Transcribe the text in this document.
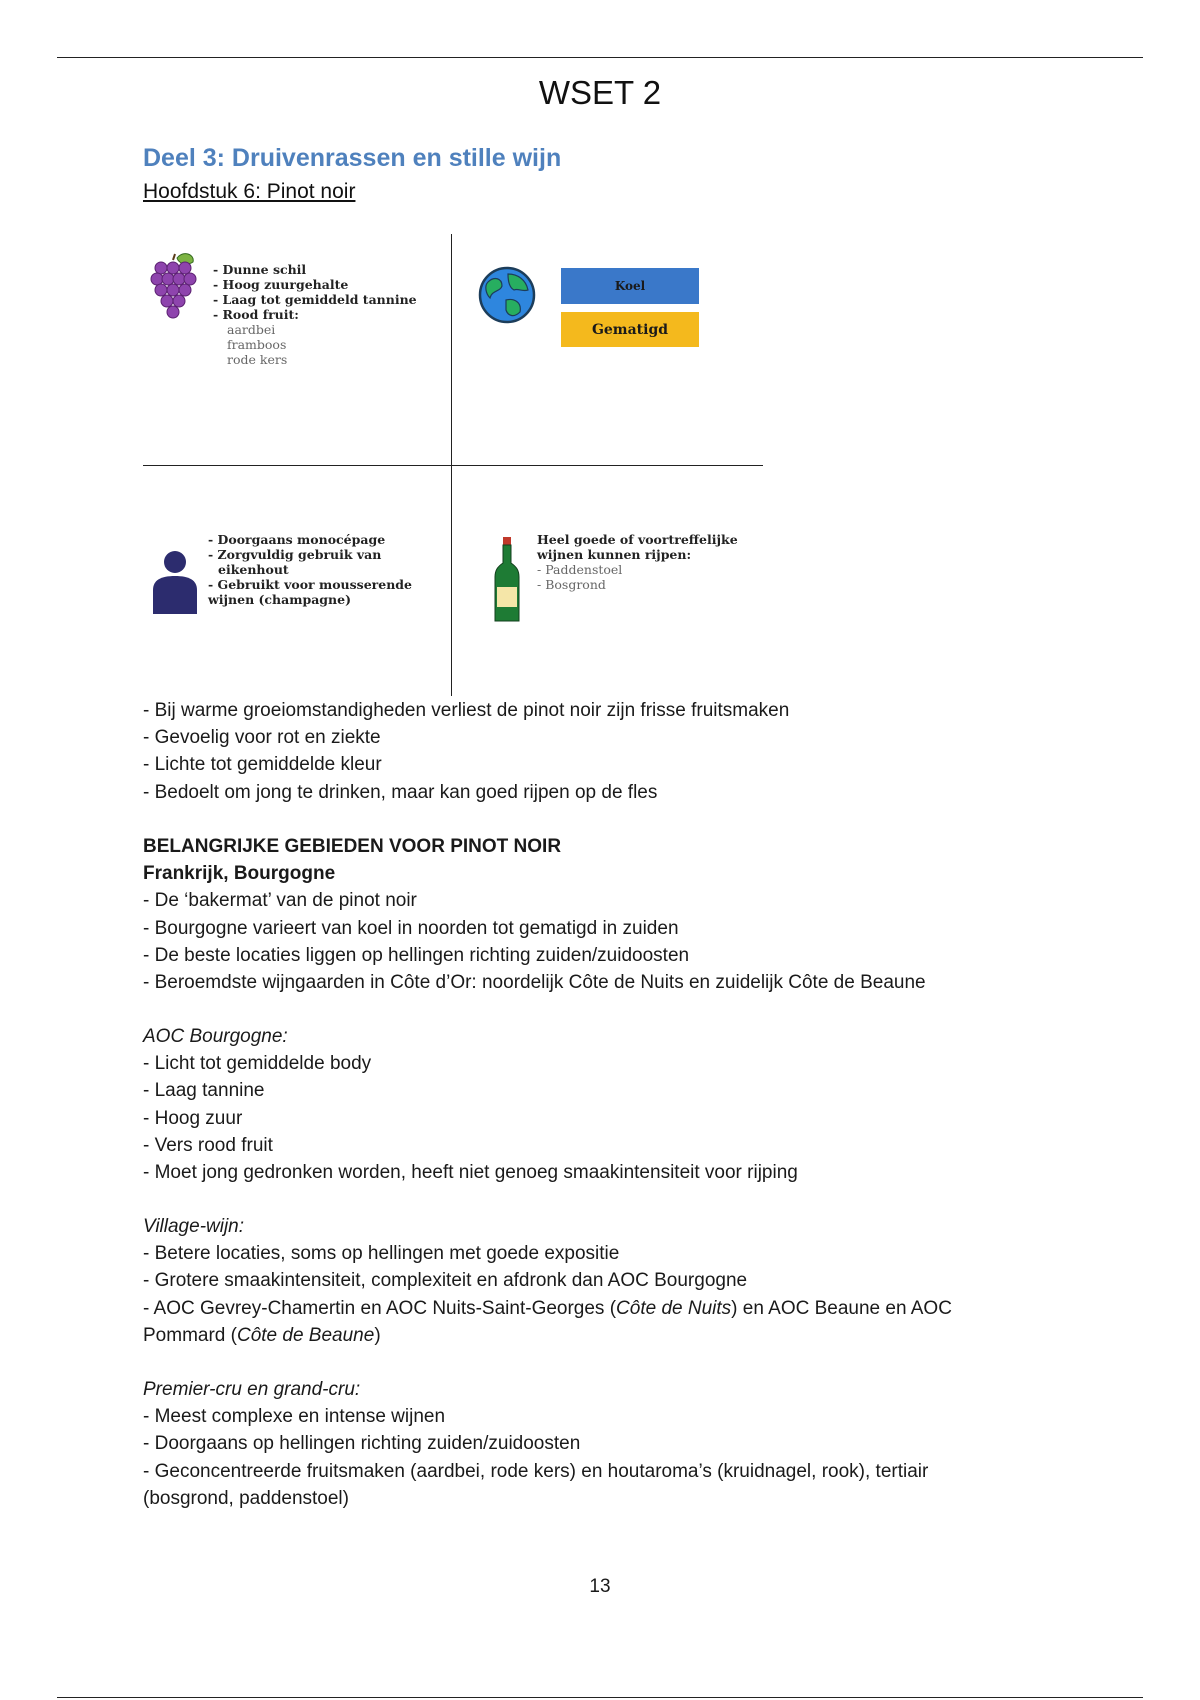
WSET 2
Deel 3: Druivenrassen en stille wijn
Hoofdstuk 6: Pinot noir
- Dunne schil
- Hoog zuurgehalte
- Laag tot gemiddeld tannine
- Rood fruit:
aardbei
framboos
rode kers
Koel
Gematigd
- Doorgaans monocépage
- Zorgvuldig gebruik van
eikenhout
- Gebruikt voor mousserende
wijnen (champagne)
Heel goede of voortreffelijke
wijnen kunnen rijpen:
- Paddenstoel
- Bosgrond
- Bij warme groeiomstandigheden verliest de pinot noir zijn frisse fruitsmaken
- Gevoelig voor rot en ziekte
- Lichte tot gemiddelde kleur
- Bedoelt om jong te drinken, maar kan goed rijpen op de fles
BELANGRIJKE GEBIEDEN VOOR PINOT NOIR
Frankrijk, Bourgogne
- De ‘bakermat’ van de pinot noir
- Bourgogne varieert van koel in noorden tot gematigd in zuiden
- De beste locaties liggen op hellingen richting zuiden/zuidoosten
- Beroemdste wijngaarden in Côte d’Or: noordelijk Côte de Nuits en zuidelijk Côte de Beaune
AOC Bourgogne:
- Licht tot gemiddelde body
- Laag tannine
- Hoog zuur
- Vers rood fruit
- Moet jong gedronken worden, heeft niet genoeg smaakintensiteit voor rijping
Village-wijn:
- Betere locaties, soms op hellingen met goede expositie
- Grotere smaakintensiteit, complexiteit en afdronk dan AOC Bourgogne
- AOC Gevrey-Chamertin en AOC Nuits-Saint-Georges (Côte de Nuits) en AOC Beaune en AOC
Pommard (Côte de Beaune)
Premier-cru en grand-cru:
- Meest complexe en intense wijnen
- Doorgaans op hellingen richting zuiden/zuidoosten
- Geconcentreerde fruitsmaken (aardbei, rode kers) en houtaroma’s (kruidnagel, rook), tertiair
(bosgrond, paddenstoel)
13
